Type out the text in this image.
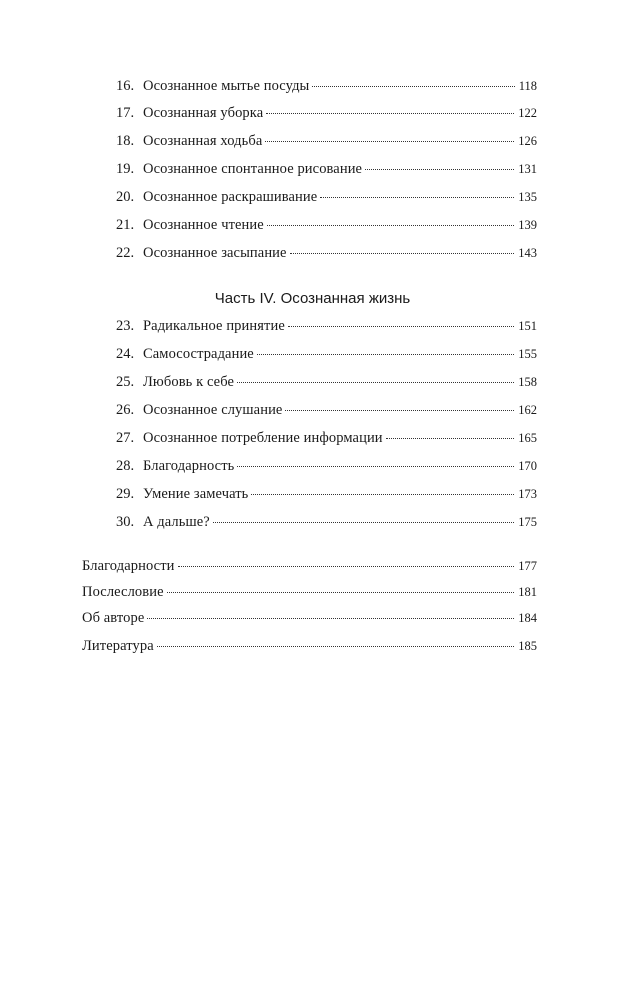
16. Осознанное мытье посуды	118
17. Осознанная уборка	122
18. Осознанная ходьба	126
19. Осознанное спонтанное рисование	131
20. Осознанное раскрашивание	135
21. Осознанное чтение	139
22. Осознанное засыпание	143
Часть IV. Осознанная жизнь
23. Радикальное принятие	151
24. Самосострадание	155
25. Любовь к себе	158
26. Осознанное слушание	162
27. Осознанное потребление информации	165
28. Благодарность	170
29. Умение замечать	173
30. А дальше?	175
Благодарности	177
Послесловие	181
Об авторе	184
Литература	185
